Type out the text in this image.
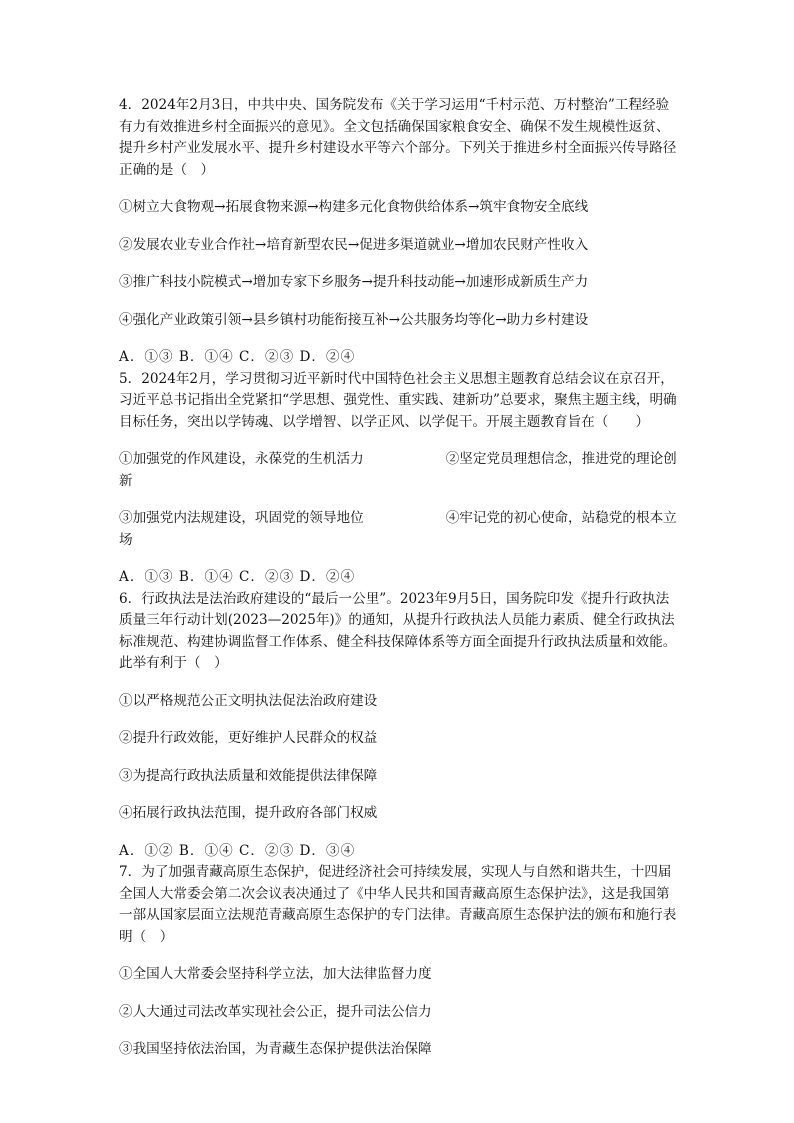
4．2024年2月3日，中共中央、国务院发布《关于学习运用“千村示范、万村整治”工程经验有力有效推进乡村全面振兴的意见》。全文包括确保国家粮食安全、确保不发生规模性返贫、提升乡村产业发展水平、提升乡村建设水平等六个部分。下列关于推进乡村全面振兴传导路径正确的是（　）

①树立大食物观→拓展食物来源→构建多元化食物供给体系→筑牢食物安全底线

②发展农业专业合作社→培育新型农民→促进多渠道就业→增加农民财产性收入

③推广科技小院模式→增加专家下乡服务→提升科技动能→加速形成新质生产力

④强化产业政策引领→县乡镇村功能衔接互补→公共服务均等化→助力乡村建设

A．①③ B．①④ C．②③ D．②④

5．2024年2月，学习贯彻习近平新时代中国特色社会主义思想主题教育总结会议在京召开，习近平总书记指出全党紧扣“学思想、强党性、重实践、建新功”总要求，聚焦主题主线，明确目标任务，突出以学铸魂、以学增智、以学正风、以学促干。开展主题教育旨在（　　）

①加强党的作风建设，永葆党的生机活力	②坚定党员理想信念，推进党的理论创新

③加强党内法规建设，巩固党的领导地位	④牢记党的初心使命，站稳党的根本立场

A．①③ B．①④ C．②③ D．②④

6．行政执法是法治政府建设的“最后一公里”。2023年9月5日，国务院印发《提升行政执法质量三年行动计划(2023—2025年)》的通知，从提升行政执法人员能力素质、健全行政执法标准规范、构建协调监督工作体系、健全科技保障体系等方面全面提升行政执法质量和效能。此举有利于（　）

①以严格规范公正文明执法促法治政府建设

②提升行政效能，更好维护人民群众的权益

③为提高行政执法质量和效能提供法律保障

④拓展行政执法范围，提升政府各部门权威

A．①② B．①④ C．②③ D．③④

7．为了加强青藏高原生态保护，促进经济社会可持续发展，实现人与自然和谐共生，十四届全国人大常委会第二次会议表决通过了《中华人民共和国青藏高原生态保护法》，这是我国第一部从国家层面立法规范青藏高原生态保护的专门法律。青藏高原生态保护法的颁布和施行表明（　）

①全国人大常委会坚持科学立法，加大法律监督力度

②人大通过司法改革实现社会公正，提升司法公信力

③我国坚持依法治国，为青藏生态保护提供法治保障
